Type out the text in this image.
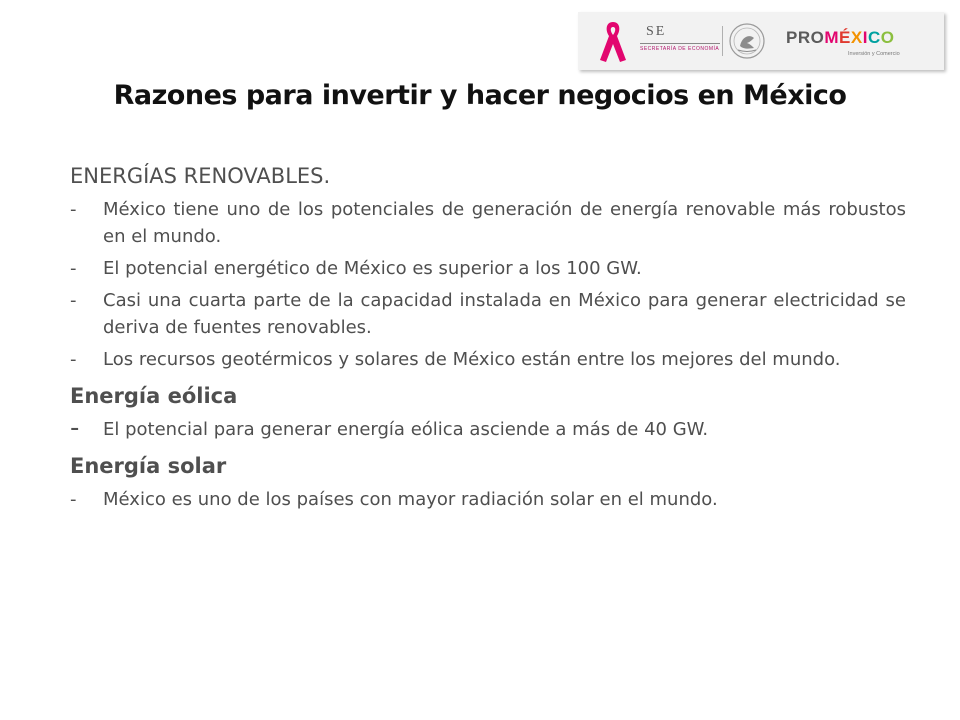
SE
SECRETARÍA DE ECONOMÍA
PROMÉXICO
Inversión y Comercio
Razones para invertir y hacer negocios en México
ENERGÍAS RENOVABLES.
-	México tiene uno de los potenciales de generación de energía renovable más robustos en el mundo.
-	El potencial energético de México es superior a los 100 GW.
-	Casi una cuarta parte de la capacidad instalada en México para generar electricidad se deriva de fuentes renovables.
-	Los recursos geotérmicos y solares de México están entre los mejores del mundo.
Energía eólica
-	El potencial para generar energía eólica asciende a más de 40 GW.
Energía solar
-	México es uno de los países con mayor radiación solar en el mundo.
